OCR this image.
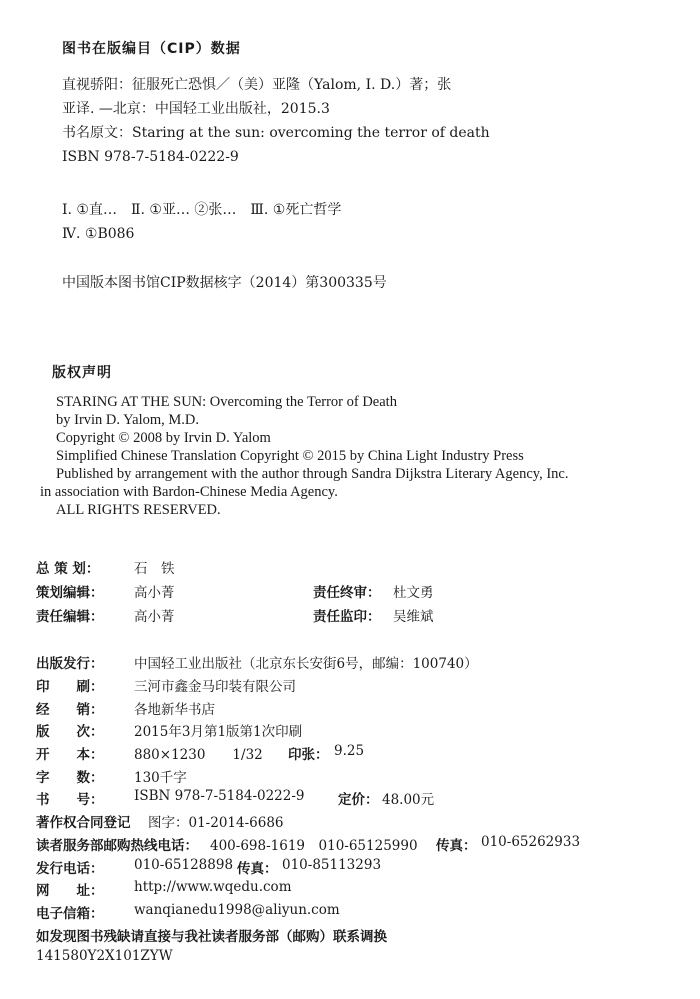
图书在版编目（CIP）数据
直视骄阳：征服死亡恐惧／（美）亚隆（Yalom, I. D.）著；张
亚译. —北京：中国轻工业出版社，2015.3
书名原文：Staring at the sun: overcoming the terror of death
ISBN 978-7-5184-0222-9
Ⅰ. ①直…　Ⅱ. ①亚… ②张…　Ⅲ. ①死亡哲学
Ⅳ. ①B086
中国版本图书馆CIP数据核字（2014）第300335号
版权声明
STARING AT THE SUN: Overcoming the Terror of Death
by Irvin D. Yalom, M.D.
Copyright © 2008 by Irvin D. Yalom
Simplified Chinese Translation Copyright © 2015 by China Light Industry Press
Published by arrangement with the author through Sandra Dijkstra Literary Agency, Inc.
in association with Bardon-Chinese Media Agency.
ALL RIGHTS RESERVED.
总 策 划：	石　铁
策划编辑： 高小菁	责任终审： 杜文勇
责任编辑： 高小菁	责任监印： 吴维斌
出版发行： 中国轻工业出版社（北京东长安街6号，邮编：100740）
印　　刷： 三河市鑫金马印装有限公司
经　　销： 各地新华书店
版　　次： 2015年3月第1版第1次印刷
开　　本： 880×1230　　1/32 印张： 9.25
字　　数： 130千字
书　　号： ISBN 978-7-5184-0222-9 定价： 48.00元
著作权合同登记 图字：01-2014-6686
读者服务部邮购热线电话： 400-698-1619　010-65125990 传真： 010-65262933
发行电话： 010-65128898 传真： 010-85113293
网　　址： http://www.wqedu.com
电子信箱： wanqianedu1998@aliyun.com
如发现图书残缺请直接与我社读者服务部（邮购）联系调换
141580Y2X101ZYW
